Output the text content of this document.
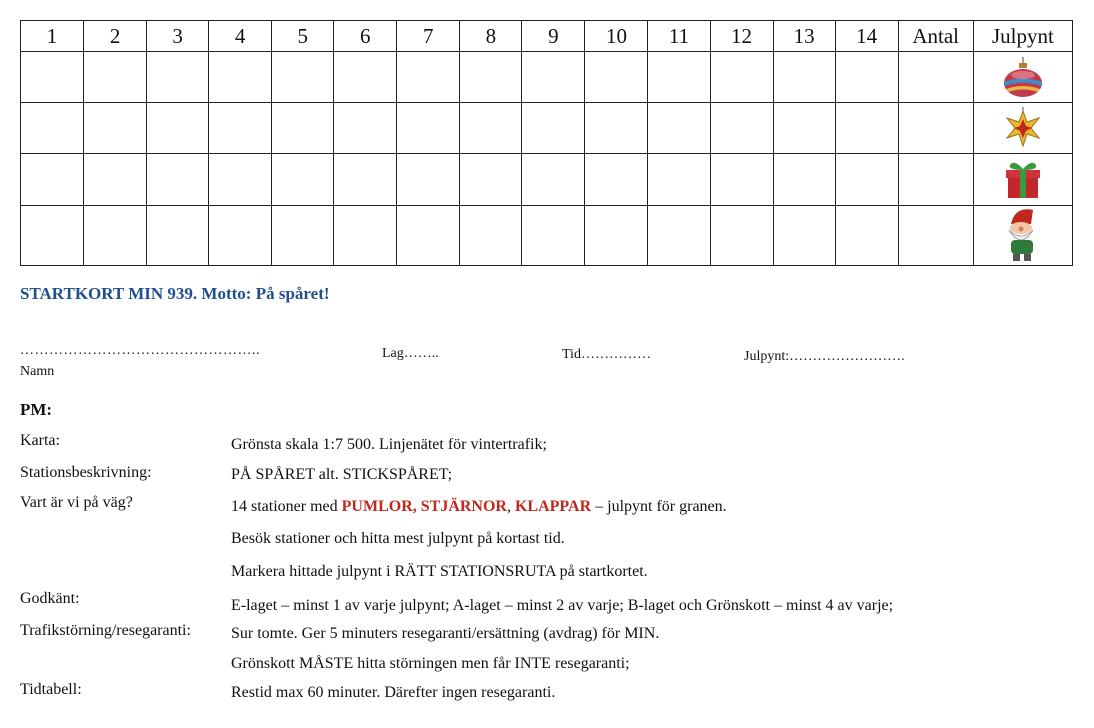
1	2	3	4	5	6	7	8	9	10	11	12	13	14	Antal	Julpynt

STARTKORT MIN 939. Motto: På spåret!
…………………………………………..
Namn
Lag……..	Tid……………	Julpynt:…………………….
PM:
Karta:	Grönsta skala 1:7 500. Linjenätet för vintertrafik;
Stationsbeskrivning:	PÅ SPÅRET alt. STICKSPÅRET;
Vart är vi på väg?	14 stationer med PUMLOR, STJÄRNOR, KLAPPAR – julpynt för granen.
Besök stationer och hitta mest julpynt på kortast tid.
Markera hittade julpynt i RÄTT STATIONSRUTA på startkortet.
Godkänt:	E-laget – minst 1 av varje julpynt; A-laget – minst 2 av varje; B-laget och Grönskott – minst 4 av varje;
Trafikstörning/resegaranti:	Sur tomte. Ger 5 minuters resegaranti/ersättning (avdrag) för MIN.
Grönskott MÅSTE hitta störningen men får INTE resegaranti;
Tidtabell:	Restid max 60 minuter. Därefter ingen resegaranti.
